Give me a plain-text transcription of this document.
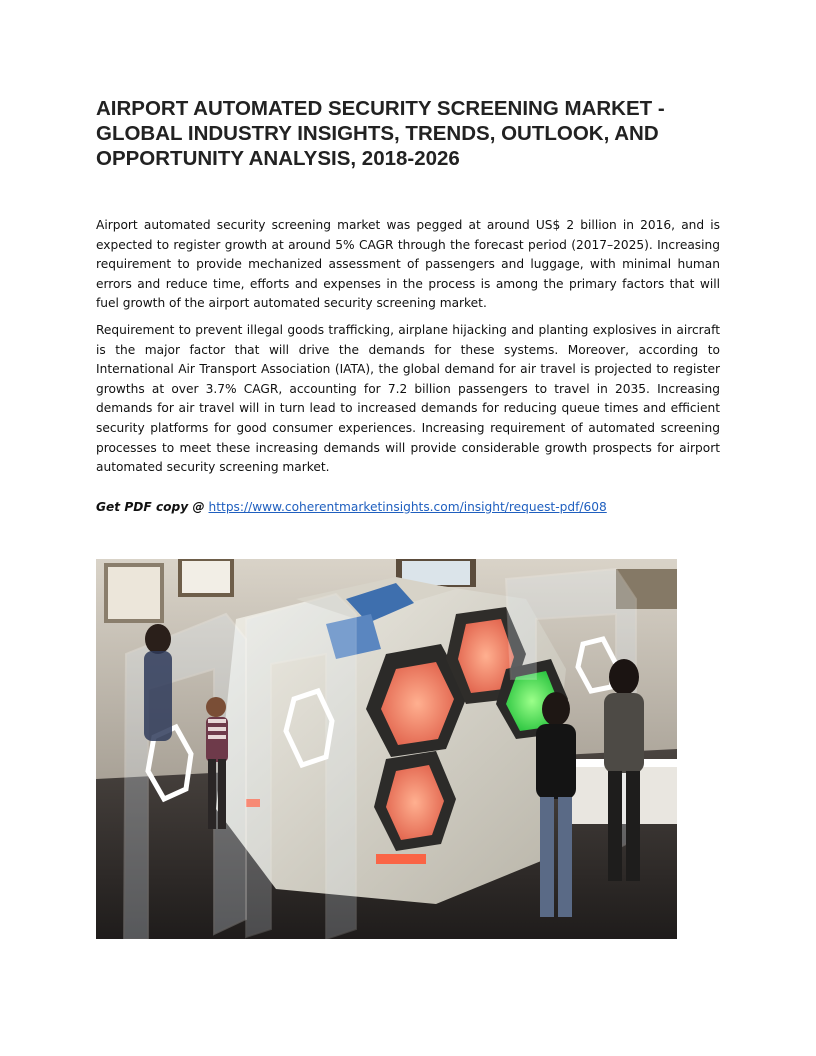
AIRPORT AUTOMATED SECURITY SCREENING MARKET - GLOBAL INDUSTRY INSIGHTS, TRENDS, OUTLOOK, AND OPPORTUNITY ANALYSIS, 2018-2026

Airport automated security screening market was pegged at around US$ 2 billion in 2016, and is expected to register growth at around 5% CAGR through the forecast period (2017–2025). Increasing requirement to provide mechanized assessment of passengers and luggage, with minimal human errors and reduce time, efforts and expenses in the process is among the primary factors that will fuel growth of the airport automated security screening market.

Requirement to prevent illegal goods trafficking, airplane hijacking and planting explosives in aircraft is the major factor that will drive the demands for these systems. Moreover, according to International Air Transport Association (IATA), the global demand for air travel is projected to register growths at over 3.7% CAGR, accounting for 7.2 billion passengers to travel in 2035. Increasing demands for air travel will in turn lead to increased demands for reducing queue times and efficient security platforms for good consumer experiences. Increasing requirement of automated screening processes to meet these increasing demands will provide considerable growth prospects for airport automated security screening market.

Get PDF copy @ https://www.coherentmarketinsights.com/insight/request-pdf/608
